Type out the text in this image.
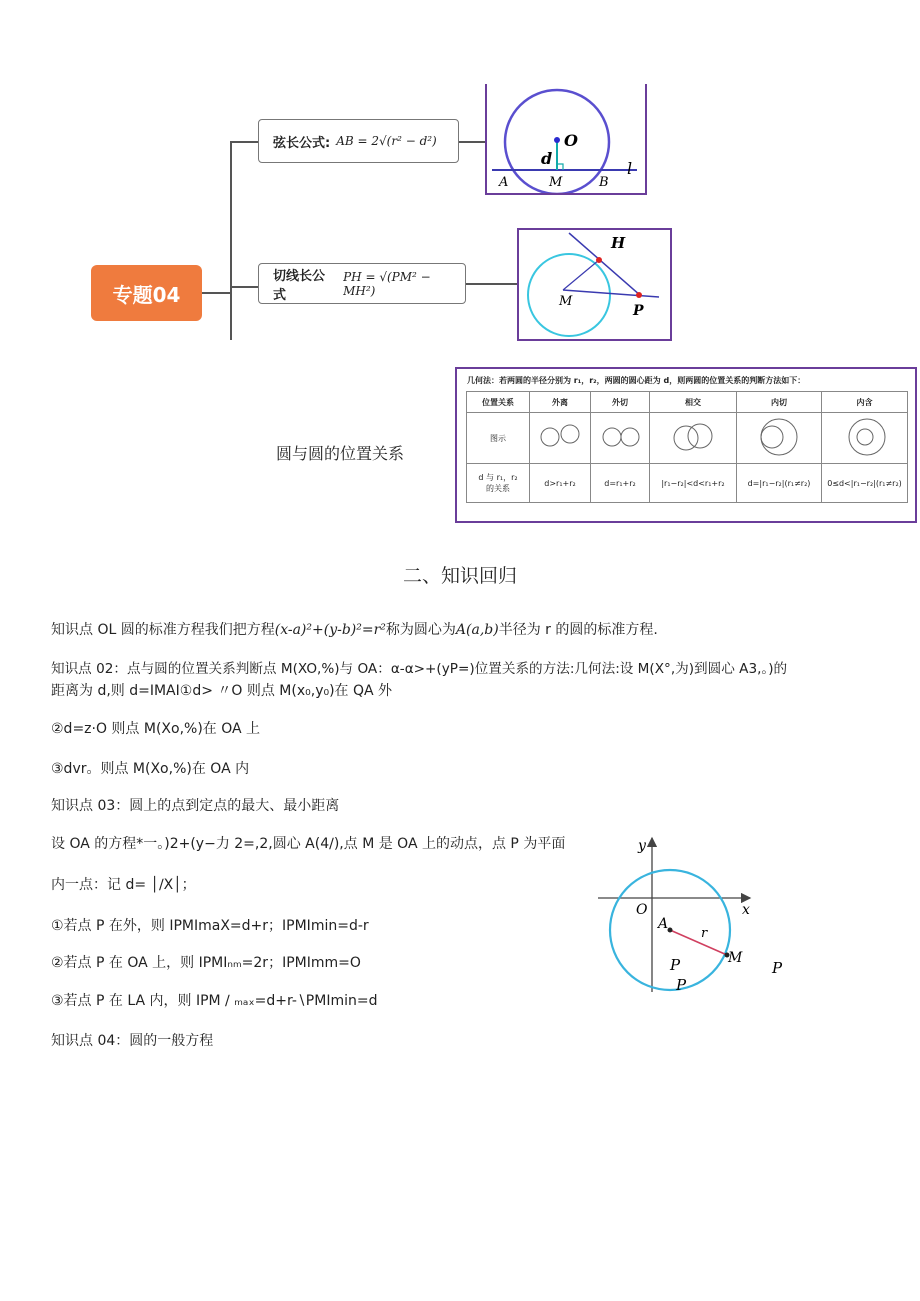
专题04
弦长公式: AB = 2√(r² − d²)
切线长公式
PH = √(PM² − MH²)
O
d
A	M	B
l
H
M
P
圆与圆的位置关系
几何法：若两圆的半径分别为 r₁，r₂，两圆的圆心距为 d，则两圆的位置关系的判断方法如下：
位置关系	外离	外切	相交	内切	内含
图示					

d 与 r₁，r₂
的关系	d>r₁+r₂	d=r₁+r₂	|r₁−r₂|<d<r₁+r₂	d=|r₁−r₂|(r₁≠r₂)	0≤d<|r₁−r₂|(r₁≠r₂)
二、知识回归
知识点 OL 圆的标准方程我们把方程(x-a)²+(y-b)²=r²称为圆心为A(a,b)半径为 r 的圆的标准方程.
知识点 02：点与圆的位置关系判断点 M(XO,%)与 OA：α-α>+(yP=)位置关系的方法:几何法:设 M(X°,为)到圆心 A3,。)的
距离为 d,则 d=IMAI①d> 〃O 则点 M(x₀,y₀)在 QA 外
②d=z·O 则点 M(Xo,%)在 OA 上
③dvr。则点 M(Xo,%)在 OA 内
知识点 03：圆上的点到定点的最大、最小距离
设 OA 的方程*一。)2+(y−力 2=,2,圆心 A(4∕),点 M 是 OA 上的动点，点 P 为平面
内一点：记 d= │∕X│；
①若点 P 在外，则 IPMImaX=d+r；IPMImin=d-r
②若点 P 在 OA 上，则 IPMIₙₘ=2r；IPMImm=O
③若点 P 在 LA 内，则 IPM ∕ ₘₐₓ=d+r-∖PMImin=d
知识点 04：圆的一般方程
y
x
O
A
r
M
P
P
P
